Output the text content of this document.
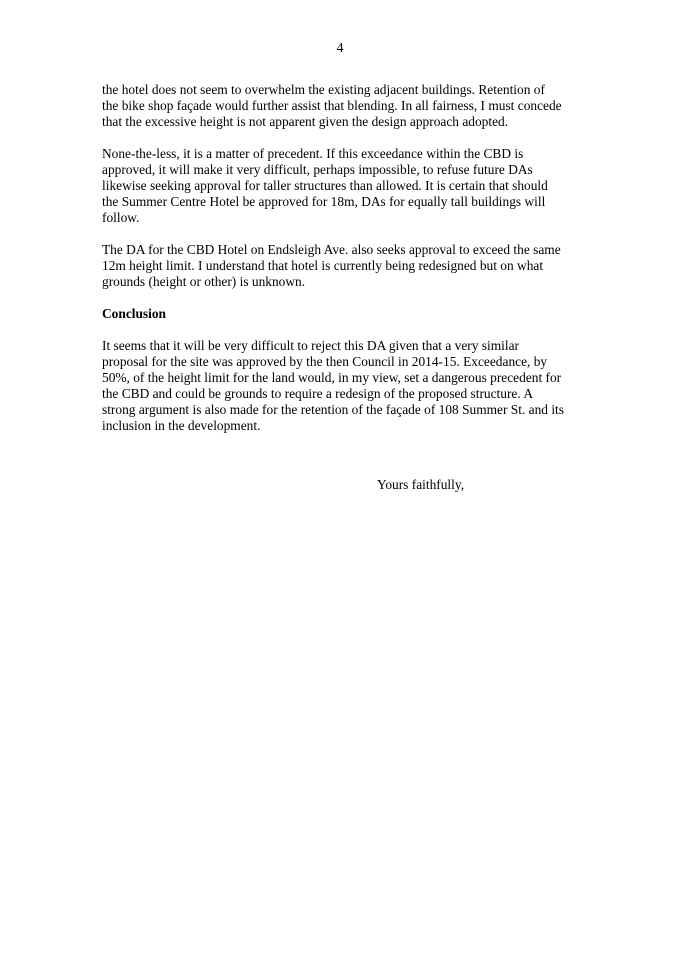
4

the hotel does not seem to overwhelm the existing adjacent buildings. Retention of
the bike shop façade would further assist that blending. In all fairness, I must concede
that the excessive height is not apparent given the design approach adopted.

None-the-less, it is a matter of precedent. If this exceedance within the CBD is
approved, it will make it very difficult, perhaps impossible, to refuse future DAs
likewise seeking approval for taller structures than allowed. It is certain that should
the Summer Centre Hotel be approved for 18m, DAs for equally tall buildings will
follow.

The DA for the CBD Hotel on Endsleigh Ave. also seeks approval to exceed the same
12m height limit. I understand that hotel is currently being redesigned but on what
grounds (height or other) is unknown.

Conclusion

It seems that it will be very difficult to reject this DA given that a very similar
proposal for the site was approved by the then Council in 2014-15. Exceedance, by
50%, of the height limit for the land would, in my view, set a dangerous precedent for
the CBD and could be grounds to require a redesign of the proposed structure. A
strong argument is also made for the retention of the façade of 108 Summer St. and its
inclusion in the development.

Yours faithfully,
